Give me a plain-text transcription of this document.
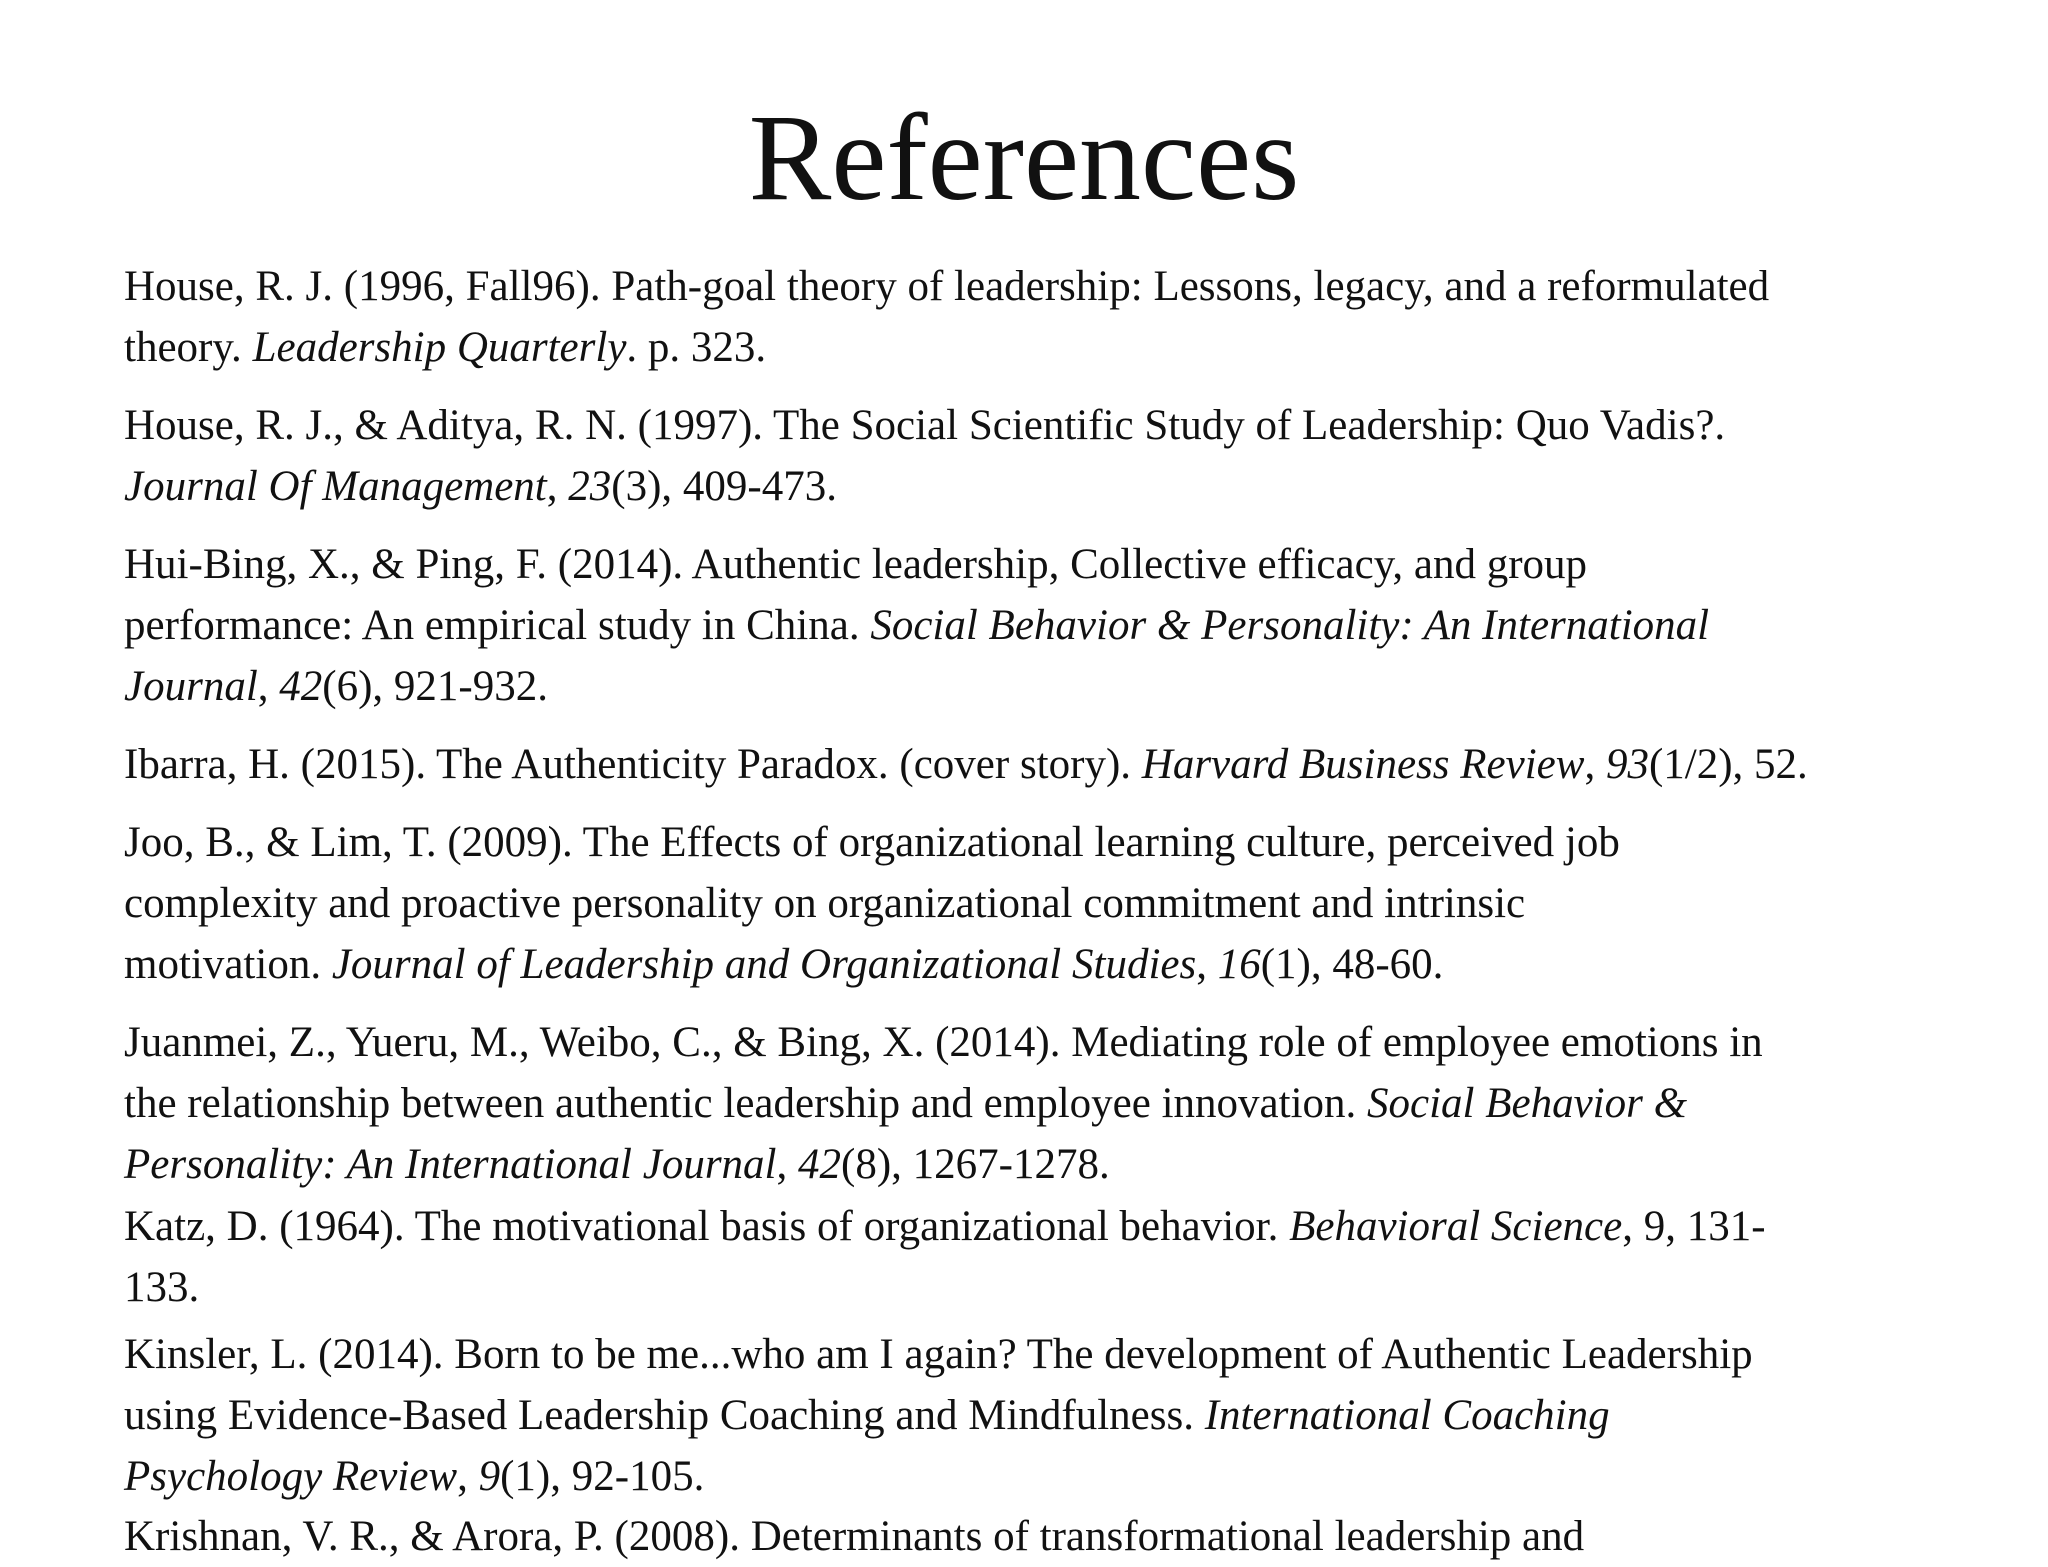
References

House, R. J. (1996, Fall96). Path-goal theory of leadership: Lessons, legacy, and a reformulated
theory. Leadership Quarterly. p. 323.

House, R. J., & Aditya, R. N. (1997). The Social Scientific Study of Leadership: Quo Vadis?.
Journal Of Management, 23(3), 409-473.

Hui-Bing, X., & Ping, F. (2014). Authentic leadership, Collective efficacy, and group
performance: An empirical study in China. Social Behavior & Personality: An International
Journal, 42(6), 921-932.

Ibarra, H. (2015). The Authenticity Paradox. (cover story). Harvard Business Review, 93(1/2), 52.

Joo, B., & Lim, T. (2009). The Effects of organizational learning culture, perceived job
complexity and proactive personality on organizational commitment and intrinsic
motivation. Journal of Leadership and Organizational Studies, 16(1), 48-60.

Juanmei, Z., Yueru, M., Weibo, C., & Bing, X. (2014). Mediating role of employee emotions in
the relationship between authentic leadership and employee innovation. Social Behavior &
Personality: An International Journal, 42(8), 1267-1278.

Katz, D. (1964). The motivational basis of organizational behavior. Behavioral Science, 9, 131-
133.

Kinsler, L. (2014). Born to be me...who am I again? The development of Authentic Leadership
using Evidence-Based Leadership Coaching and Mindfulness. International Coaching
Psychology Review, 9(1), 92-105.

Krishnan, V. R., & Arora, P. (2008). Determinants of transformational leadership and
